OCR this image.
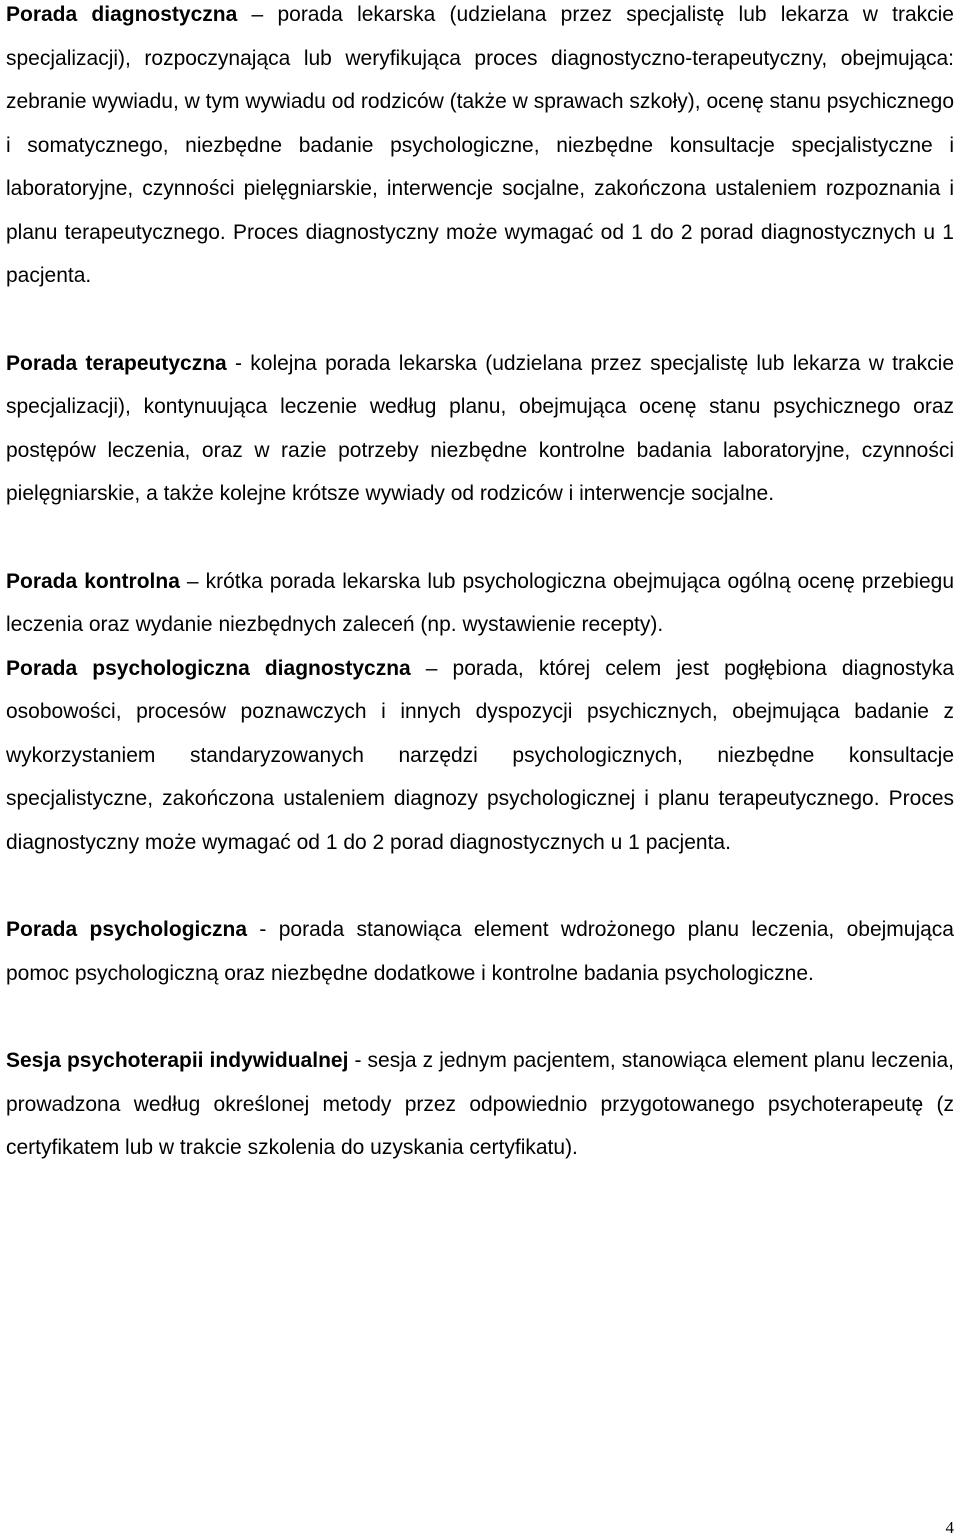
Porada diagnostyczna – porada lekarska (udzielana przez specjalistę lub lekarza w trakcie specjalizacji), rozpoczynająca lub weryfikująca proces diagnostyczno-terapeutyczny, obejmująca: zebranie wywiadu, w tym wywiadu od rodziców (także w sprawach szkoły), ocenę stanu psychicznego i somatycznego, niezbędne badanie psychologiczne, niezbędne konsultacje specjalistyczne i laboratoryjne, czynności pielęgniarskie, interwencje socjalne, zakończona ustaleniem rozpoznania i planu terapeutycznego. Proces diagnostyczny może wymagać od 1 do 2 porad diagnostycznych u 1 pacjenta.

Porada terapeutyczna - kolejna porada lekarska (udzielana przez specjalistę lub lekarza w trakcie specjalizacji), kontynuująca leczenie według planu, obejmująca ocenę stanu psychicznego oraz postępów leczenia, oraz w razie potrzeby niezbędne kontrolne badania laboratoryjne, czynności pielęgniarskie, a także kolejne krótsze wywiady od rodziców i interwencje socjalne.

Porada kontrolna – krótka porada lekarska lub psychologiczna obejmująca ogólną ocenę przebiegu leczenia oraz wydanie niezbędnych zaleceń (np. wystawienie recepty).

Porada psychologiczna diagnostyczna – porada, której celem jest pogłębiona diagnostyka osobowości, procesów poznawczych i innych dyspozycji psychicznych, obejmująca badanie z wykorzystaniem standaryzowanych narzędzi psychologicznych, niezbędne konsultacje specjalistyczne, zakończona ustaleniem diagnozy psychologicznej i planu terapeutycznego. Proces diagnostyczny może wymagać od 1 do 2 porad diagnostycznych u 1 pacjenta.

Porada psychologiczna - porada stanowiąca element wdrożonego planu leczenia, obejmująca pomoc psychologiczną oraz niezbędne dodatkowe i kontrolne badania psychologiczne.

Sesja psychoterapii indywidualnej - sesja z jednym pacjentem, stanowiąca element planu leczenia, prowadzona według określonej metody przez odpowiednio przygotowanego psychoterapeutę (z certyfikatem lub w trakcie szkolenia do uzyskania certyfikatu).

4
